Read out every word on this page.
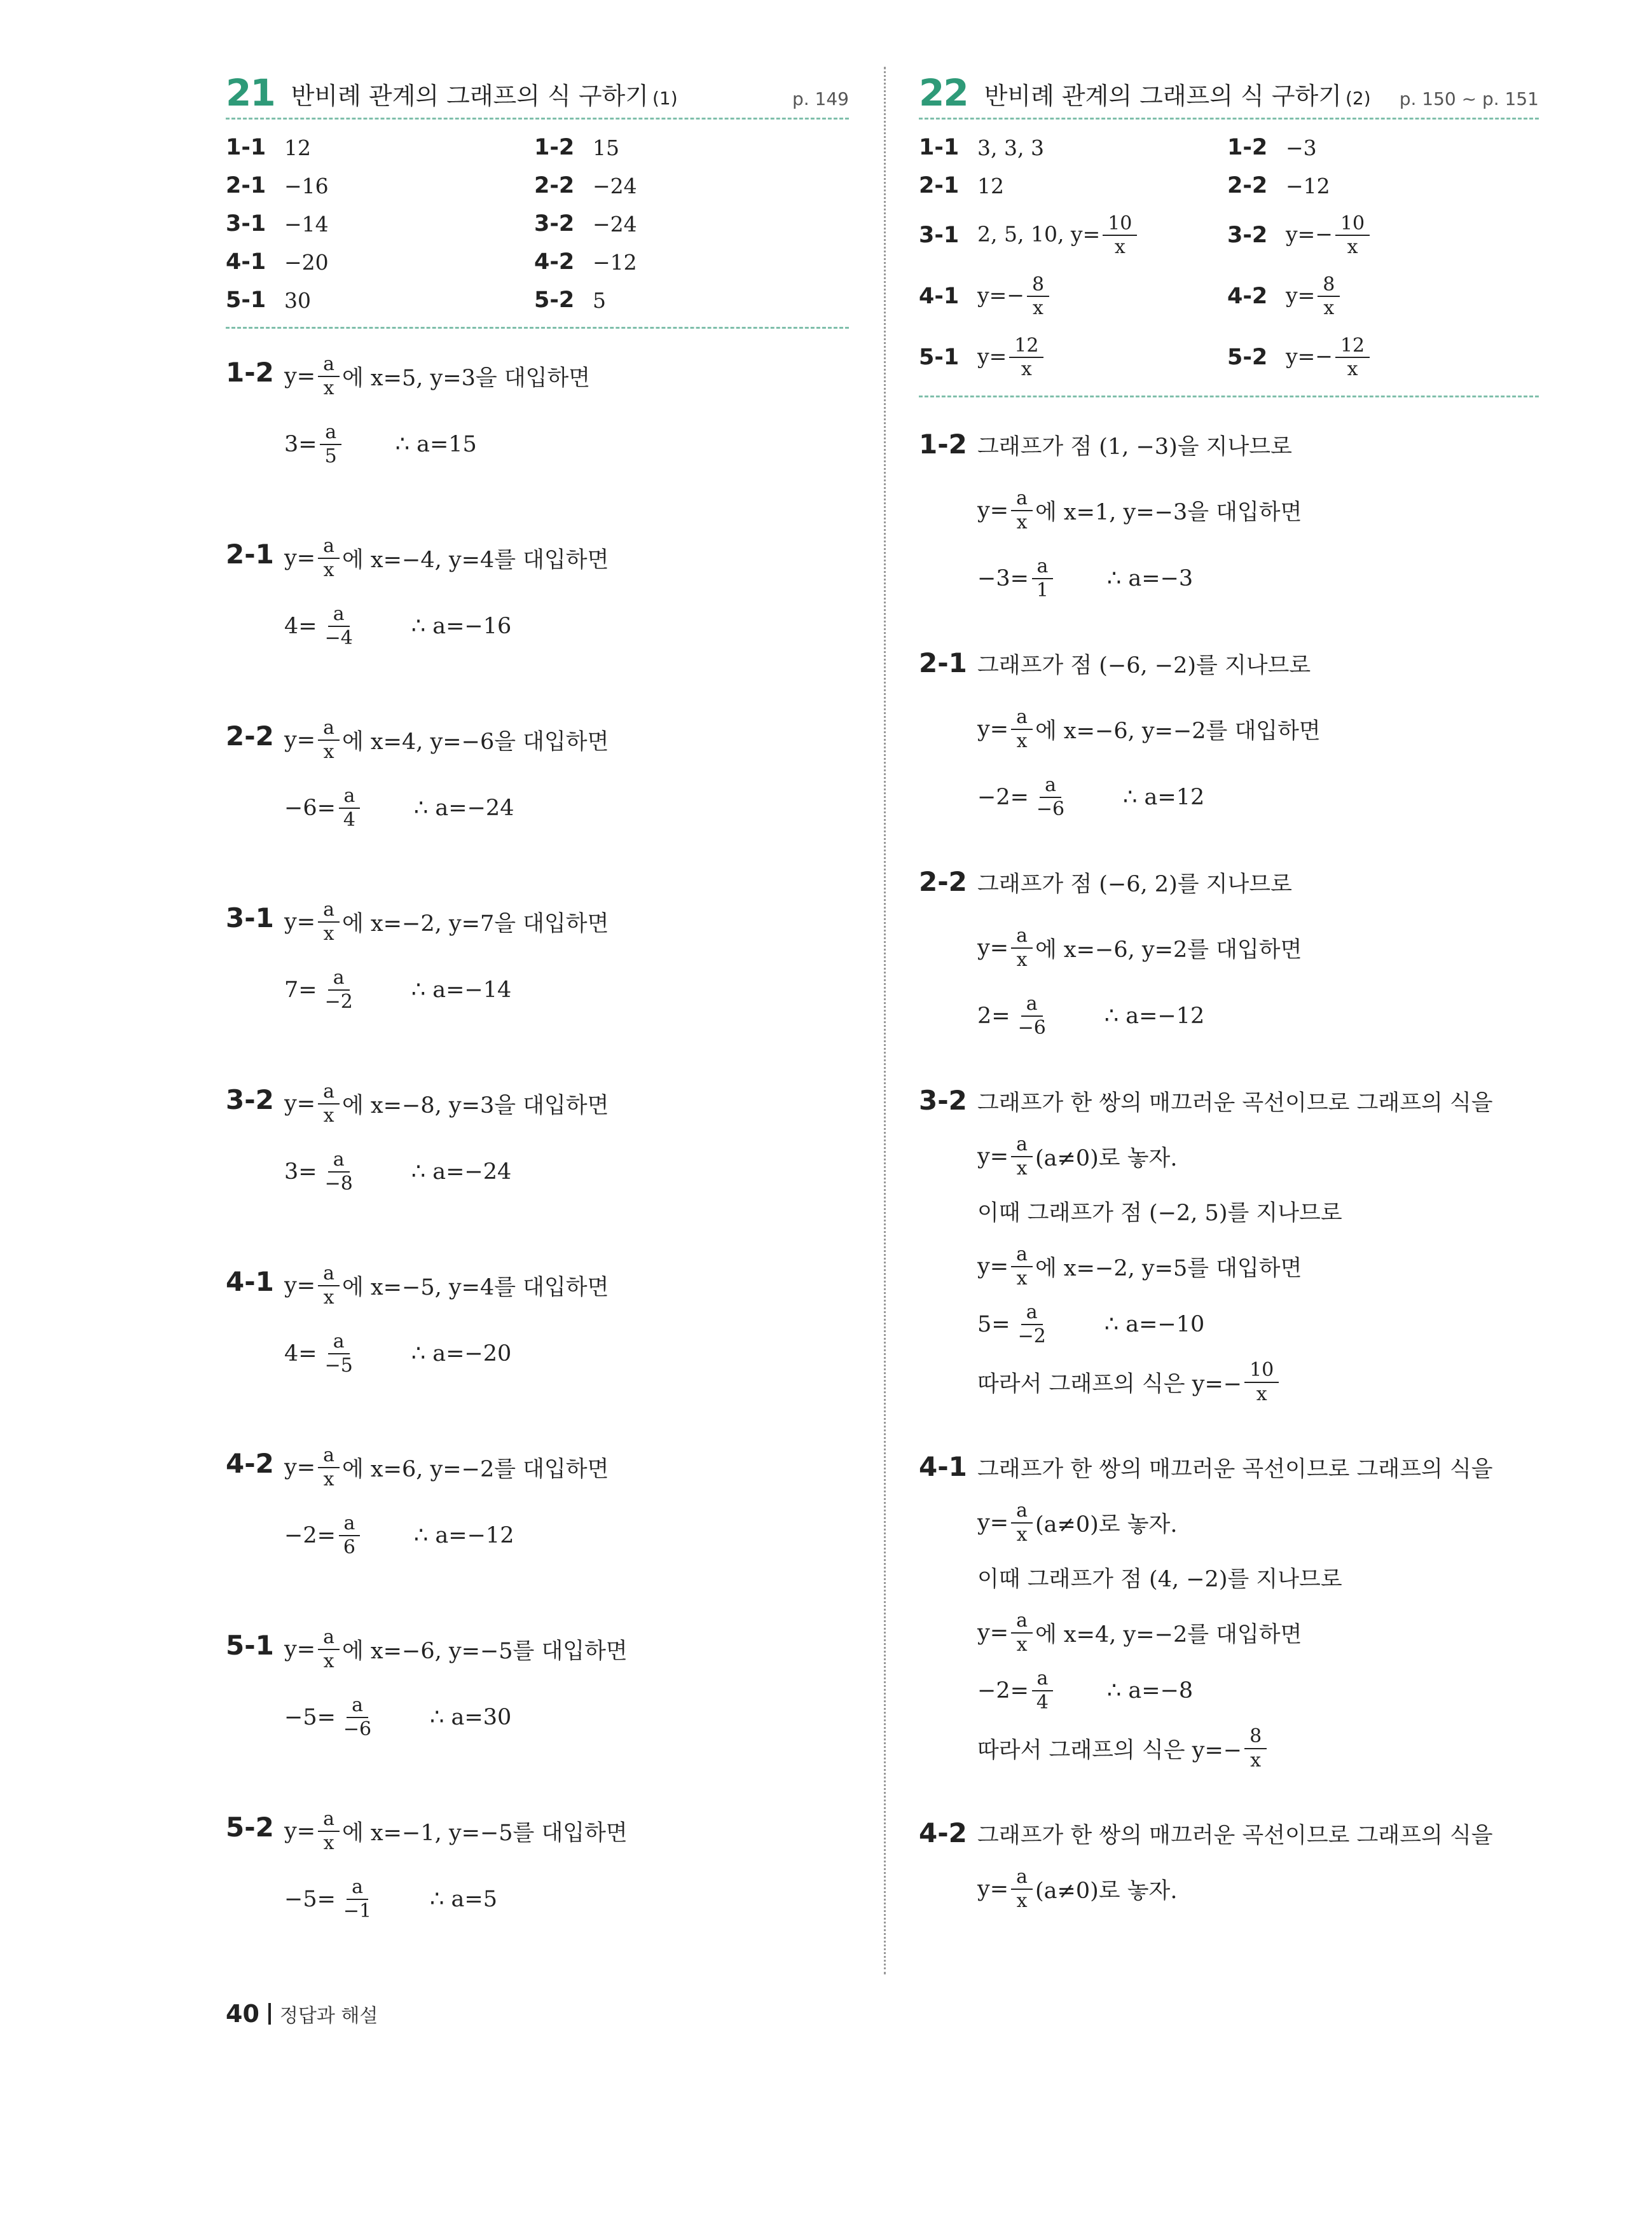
21 반비례 관계의 그래프의 식 구하기 (1)	p. 149
1-1 12	1-2 15
2-1 −16	2-2 −24
3-1 −14	3-2 −24
4-1 −20	4-2 −12
5-1 30	5-2 5
1-2 $y= \frac{a}{x}$ 에 x=5, y=3을 대입하면
$3= \frac{a}{5}$ ∴ a=15
2-1 $y= \frac{a}{x}$ 에 x=−4, y=4를 대입하면
$4= \frac{a}{-4}$ ∴ a=−16
2-2 $y= \frac{a}{x}$ 에 x=4, y=−6을 대입하면
$-6= \frac{a}{4}$ ∴ a=−24
3-1 $y= \frac{a}{x}$ 에 x=−2, y=7을 대입하면
$7= \frac{a}{-2}$ ∴ a=−14
3-2 $y= \frac{a}{x}$ 에 x=−8, y=3을 대입하면
$3= \frac{a}{-8}$ ∴ a=−24
4-1 $y= \frac{a}{x}$ 에 x=−5, y=4를 대입하면
$4= \frac{a}{-5}$ ∴ a=−20
4-2 $y= \frac{a}{x}$ 에 x=6, y=−2를 대입하면
$-2= \frac{a}{6}$ ∴ a=−12
5-1 $y= \frac{a}{x}$ 에 x=−6, y=−5를 대입하면
$-5= \frac{a}{-6}$ ∴ a=30
5-2 $y= \frac{a}{x}$ 에 x=−1, y=−5를 대입하면
$-5= \frac{a}{-1}$ ∴ a=5
22 반비례 관계의 그래프의 식 구하기 (2) p. 150 ~ p. 151
1-1 3, 3, 3	1-2 −3
2-1 12	2-2 −12
3-1 2, 5, 10, $y= \frac{10}{x}$	3-2 $y=- \frac{10}{x}$
4-1 $y=- \frac{8}{x}$	4-2 $y= \frac{8}{x}$
5-1 $y= \frac{12}{x}$	5-2 $y=- \frac{12}{x}$
1-2 그래프가 점 (1, −3)을 지나므로
$y= \frac{a}{x}$ 에 x=1, y=−3을 대입하면
$-3= \frac{a}{1}$ ∴ a=−3
2-1 그래프가 점 (−6, −2)를 지나므로
$y= \frac{a}{x}$ 에 x=−6, y=−2를 대입하면
$-2= \frac{a}{-6}$ ∴ a=12
2-2 그래프가 점 (−6, 2)를 지나므로
$y= \frac{a}{x}$ 에 x=−6, y=2를 대입하면
$2= \frac{a}{-6}$ ∴ a=−12
3-2 그래프가 한 쌍의 매끄러운 곡선이므로 그래프의 식을
$y= \frac{a}{x} (a\ne 0)$로 놓자.
이때 그래프가 점 (−2, 5)를 지나므로
$y= \frac{a}{x}$ 에 x=−2, y=5를 대입하면
$5= \frac{a}{-2}$ ∴ a=−10
따라서 그래프의 식은 $y=- \frac{10}{x}$
4-1 그래프가 한 쌍의 매끄러운 곡선이므로 그래프의 식을
$y= \frac{a}{x} (a\ne 0)$로 놓자.
이때 그래프가 점 (4, −2)를 지나므로
$y= \frac{a}{x}$ 에 x=4, y=−2를 대입하면
$-2= \frac{a}{4}$ ∴ a=−8
따라서 그래프의 식은 $y=- \frac{8}{x}$
4-2 그래프가 한 쌍의 매끄러운 곡선이므로 그래프의 식을
$y= \frac{a}{x} (a\ne 0)$로 놓자.
40 정답과 해설
